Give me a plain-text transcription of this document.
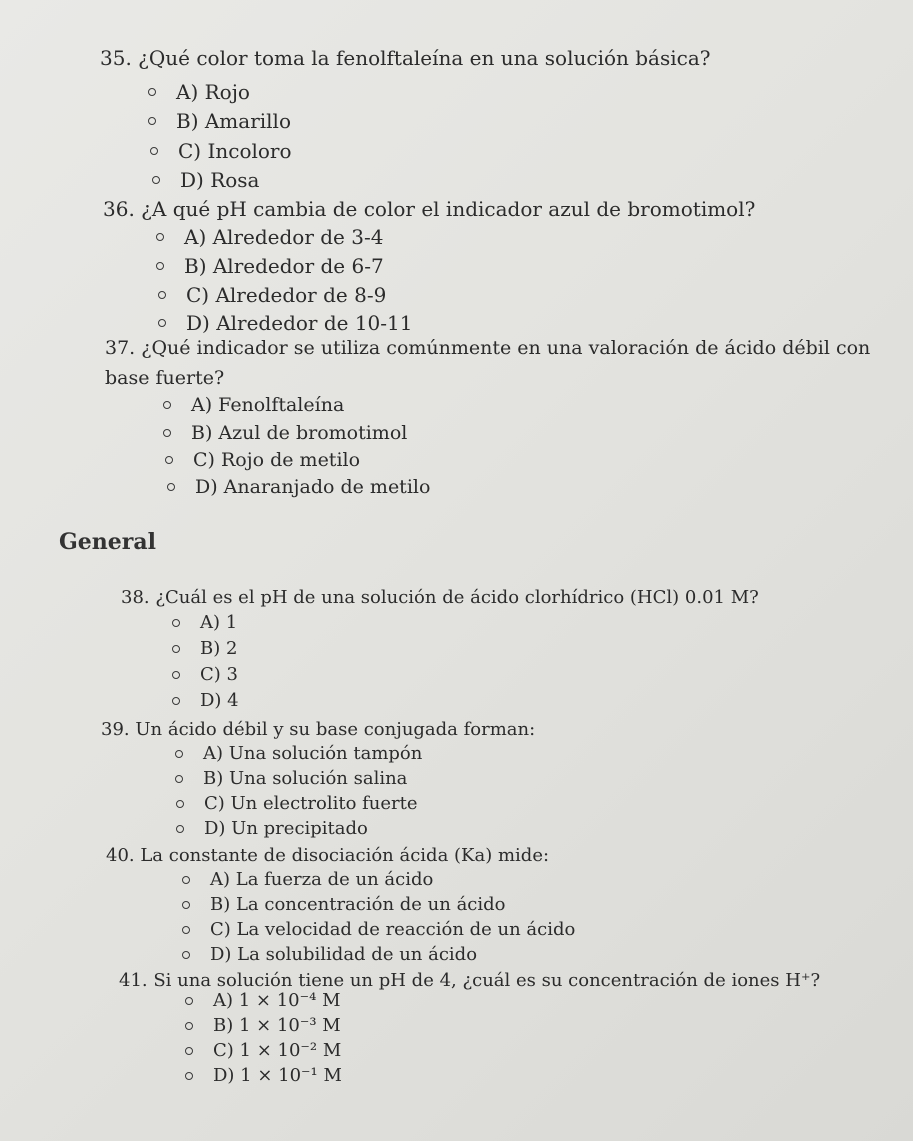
35. ¿Qué color toma la fenolftaleína en una solución básica?
A) Rojo
B) Amarillo
C) Incoloro
D) Rosa
36. ¿A qué pH cambia de color el indicador azul de bromotimol?
A) Alrededor de 3-4
B) Alrededor de 6-7
C) Alrededor de 8-9
D) Alrededor de 10-11
37. ¿Qué indicador se utiliza comúnmente en una valoración de ácido débil con base fuerte?
A) Fenolftaleína
B) Azul de bromotimol
C) Rojo de metilo
D) Anaranjado de metilo
General
38. ¿Cuál es el pH de una solución de ácido clorhídrico (HCl) 0.01 M?
A) 1
B) 2
C) 3
D) 4
39. Un ácido débil y su base conjugada forman:
A) Una solución tampón
B) Una solución salina
C) Un electrolito fuerte
D) Un precipitado
40. La constante de disociación ácida (Ka) mide:
A) La fuerza de un ácido
B) La concentración de un ácido
C) La velocidad de reacción de un ácido
D) La solubilidad de un ácido
41. Si una solución tiene un pH de 4, ¿cuál es su concentración de iones H⁺?
A) 1 × 10⁻⁴ M
B) 1 × 10⁻³ M
C) 1 × 10⁻² M
D) 1 × 10⁻¹ M
